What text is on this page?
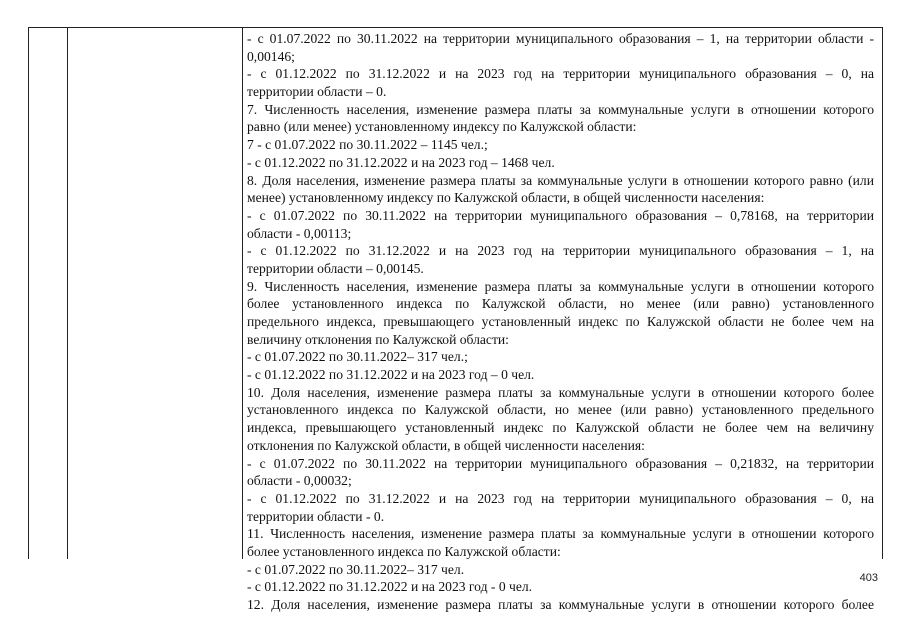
- с 01.07.2022 по 30.11.2022 на территории муниципального образования – 1, на территории области -
0,00146;
- с 01.12.2022 по 31.12.2022 и на 2023 год на территории муниципального образования – 0, на
территории области – 0.
7. Численность населения, изменение размера платы за коммунальные услуги в отношении которого
равно (или менее) установленному индексу по Калужской области:
7 - с 01.07.2022 по 30.11.2022 – 1145 чел.;
- с 01.12.2022 по 31.12.2022 и на 2023 год – 1468 чел.
8. Доля населения, изменение размера платы за коммунальные услуги в отношении которого равно (или
менее) установленному индексу по Калужской области, в общей численности населения:
- с 01.07.2022 по 30.11.2022 на территории муниципального образования – 0,78168, на территории
области - 0,00113;
- с 01.12.2022 по 31.12.2022 и на 2023 год на территории муниципального образования – 1, на
территории области – 0,00145.
9. Численность населения, изменение размера платы за коммунальные услуги в отношении которого
более установленного индекса по Калужской области, но менее (или равно) установленного
предельного индекса, превышающего установленный индекс по Калужской области не более чем на
величину отклонения по Калужской области:
- с 01.07.2022 по 30.11.2022– 317 чел.;
- с 01.12.2022 по 31.12.2022 и на 2023 год – 0 чел.
10. Доля населения, изменение размера платы за коммунальные услуги в отношении которого более
установленного индекса по Калужской области, но менее (или равно) установленного предельного
индекса, превышающего установленный индекс по Калужской области не более чем на величину
отклонения по Калужской области, в общей численности населения:
- с 01.07.2022 по 30.11.2022 на территории муниципального образования – 0,21832, на территории
области - 0,00032;
- с 01.12.2022 по 31.12.2022 и на 2023 год на территории муниципального образования – 0, на
территории области - 0.
11. Численность населения, изменение размера платы за коммунальные услуги в отношении которого
более установленного индекса по Калужской области:
- с 01.07.2022 по 30.11.2022– 317 чел.
- с 01.12.2022 по 31.12.2022 и на 2023 год - 0 чел.
12. Доля населения, изменение размера платы за коммунальные услуги в отношении которого более
403
